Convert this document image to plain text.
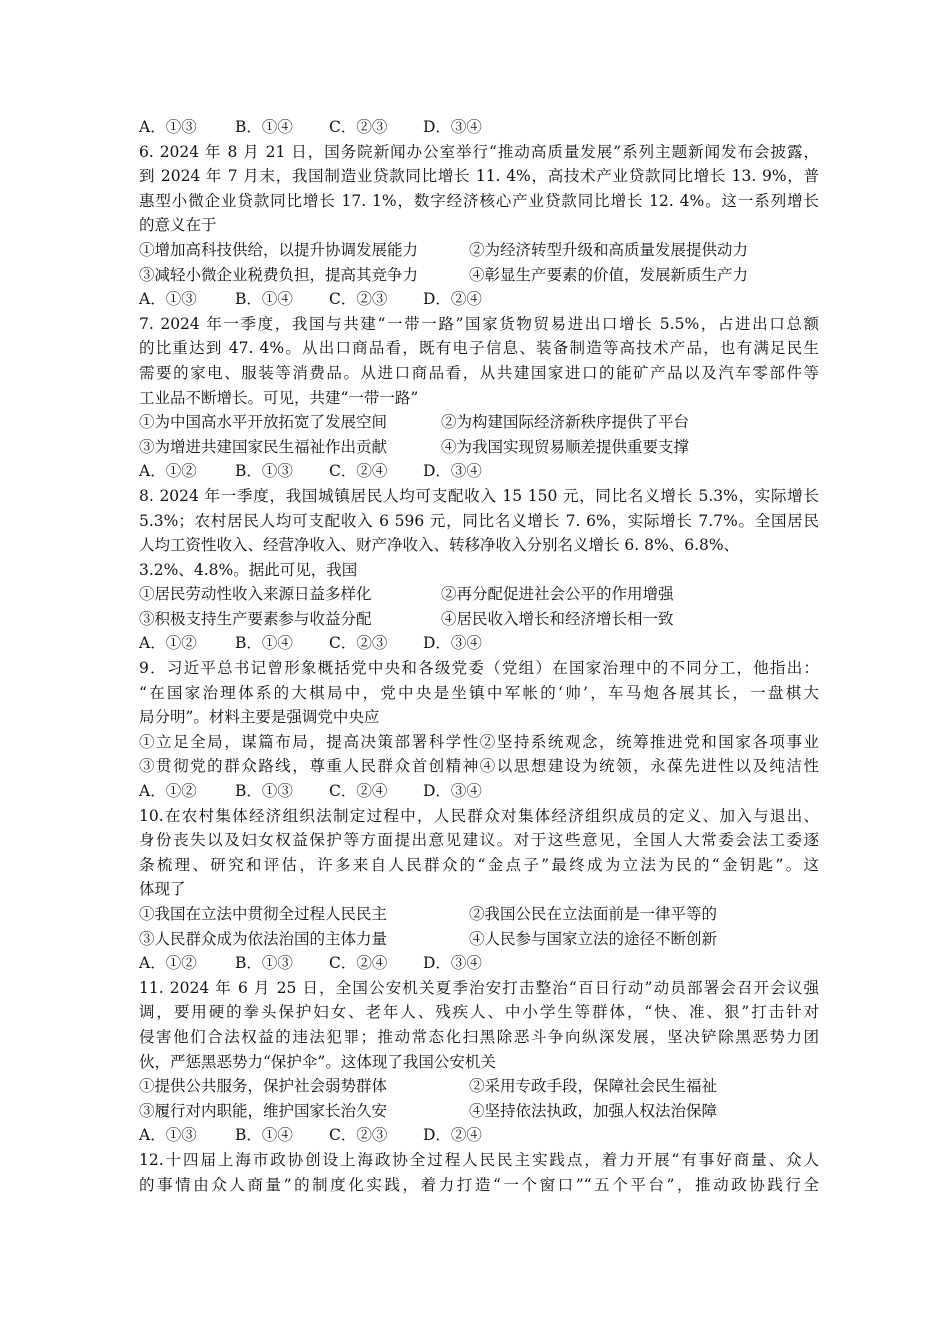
A．①③	B．①④	C．②③	D．③④
6. 2024 年 8 月 21 日，国务院新闻办公室举行“推动高质量发展”系列主题新闻发布会披露，
到 2024 年 7 月末，我国制造业贷款同比增长 11. 4%，高技术产业贷款同比增长 13. 9%，普
惠型小微企业贷款同比增长 17. 1%，数字经济核心产业贷款同比增长 12. 4%。这一系列增长
的意义在于
①增加高科技供给，以提升协调发展能力	②为经济转型升级和高质量发展提供动力
③减轻小微企业税费负担，提高其竞争力	④彰显生产要素的价值，发展新质生产力
A．①③	B．①④	C．②③	D．②④
7. 2024 年一季度，我国与共建“一带一路”国家货物贸易进出口增长 5.5%，占进出口总额
的比重达到 47. 4%。从出口商品看，既有电子信息、装备制造等高技术产品，也有满足民生
需要的家电、服装等消费品。从进口商品看，从共建国家进口的能矿产品以及汽车零部件等
工业品不断增长。可见，共建“一带一路”
①为中国高水平开放拓宽了发展空间	②为构建国际经济新秩序提供了平台
③为增进共建国家民生福祉作出贡献	④为我国实现贸易顺差提供重要支撑
A．①②	B．①③	C．②④	D．③④
8. 2024 年一季度，我国城镇居民人均可支配收入 15 150 元，同比名义增长 5.3%，实际增长
5.3%；农村居民人均可支配收入 6 596 元，同比名义增长 7. 6%，实际增长 7.7%。全国居民
人均工资性收入、经营净收入、财产净收入、转移净收入分别名义增长 6. 8%、6.8%、
3.2%、4.8%。据此可见，我国
①居民劳动性收入来源日益多样化	②再分配促进社会公平的作用增强
③积极支持生产要素参与收益分配	④居民收入增长和经济增长相一致
A．①②	B．①④	C．②③	D．③④
9．习近平总书记曾形象概括党中央和各级党委（党组）在国家治理中的不同分工，他指出：
“在国家治理体系的大棋局中，党中央是坐镇中军帐的‘帅’，车马炮各展其长，一盘棋大
局分明”。材料主要是强调党中央应
①立足全局，谋篇布局，提高决策部署科学性②坚持系统观念，统筹推进党和国家各项事业
③贯彻党的群众路线，尊重人民群众首创精神④以思想建设为统领，永葆先进性以及纯洁性
A．①②	B．①③	C．②④	D．③④
10.在农村集体经济组织法制定过程中，人民群众对集体经济组织成员的定义、加入与退出、
身份丧失以及妇女权益保护等方面提出意见建议。对于这些意见，全国人大常委会法工委逐
条梳理、研究和评估，许多来自人民群众的“金点子”最终成为立法为民的“金钥匙”。这
体现了
①我国在立法中贯彻全过程人民民主	②我国公民在立法面前是一律平等的
③人民群众成为依法治国的主体力量	④人民参与国家立法的途径不断创新
A．①②	B．①③	C．②④	D．③④
11. 2024 年 6 月 25 日，全国公安机关夏季治安打击整治“百日行动”动员部署会召开会议强
调，要用硬的拳头保护妇女、老年人、残疾人、中小学生等群体，“快、准、狠”打击针对
侵害他们合法权益的违法犯罪；推动常态化扫黑除恶斗争向纵深发展，坚决铲除黑恶势力团
伙，严惩黑恶势力“保护伞”。这体现了我国公安机关
①提供公共服务，保护社会弱势群体	②采用专政手段，保障社会民生福祉
③履行对内职能，维护国家长治久安	④坚持依法执政，加强人权法治保障
A．①③	B．①④	C．②③	D．②④
12.十四届上海市政协创设上海政协全过程人民民主实践点，着力开展“有事好商量、众人
的事情由众人商量”的制度化实践，着力打造“一个窗口”“五个平台”，推动政协践行全
